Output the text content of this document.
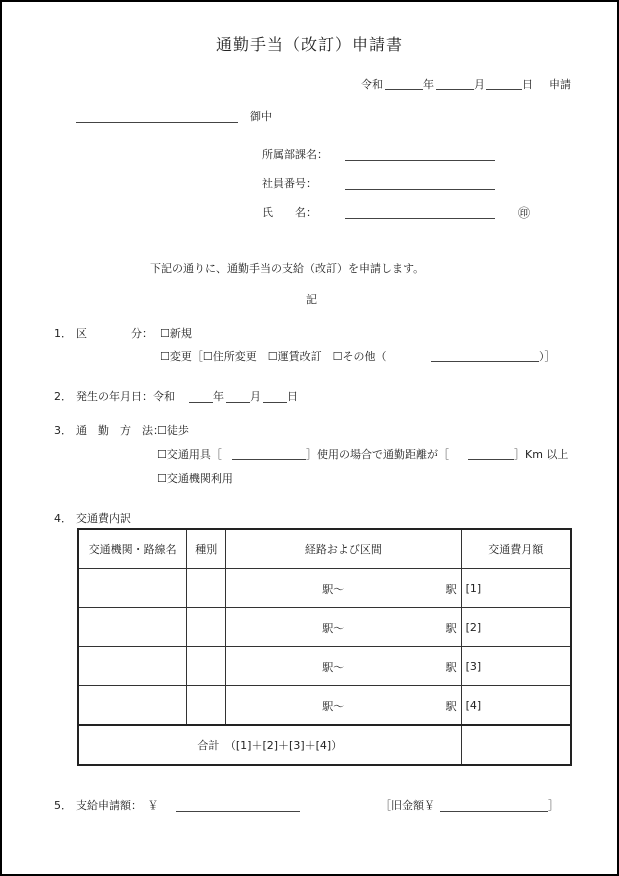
通勤手当（改訂）申請書
令和	年	月	日 申請
御中
所属部課名：
社員番号：
氏　　名：	㊞
下記の通りに、通勤手当の支給（改訂）を申請します。
記
1． 区　　　　分： ☐新規
☐変更［☐住所変更　☐運賃改訂　☐その他（	）］
2． 発生の年月日：令和	年 月 日
3． 通　勤　方　法：
☐徒歩
☐交通用具［	］使用の場合で通勤距離が［	］Km 以上
☐交通機関利用
4． 交通費内訳
交通機関・路線名	種別	経路および区間	交通費月額

		駅～ 駅	[1]

		駅～ 駅	[2]

		駅～ 駅	[3]

		駅～ 駅	[4]
合計　（[1]＋[2]＋[3]＋[4]）			
5． 支給申請額：　￥	［旧金額￥	］
